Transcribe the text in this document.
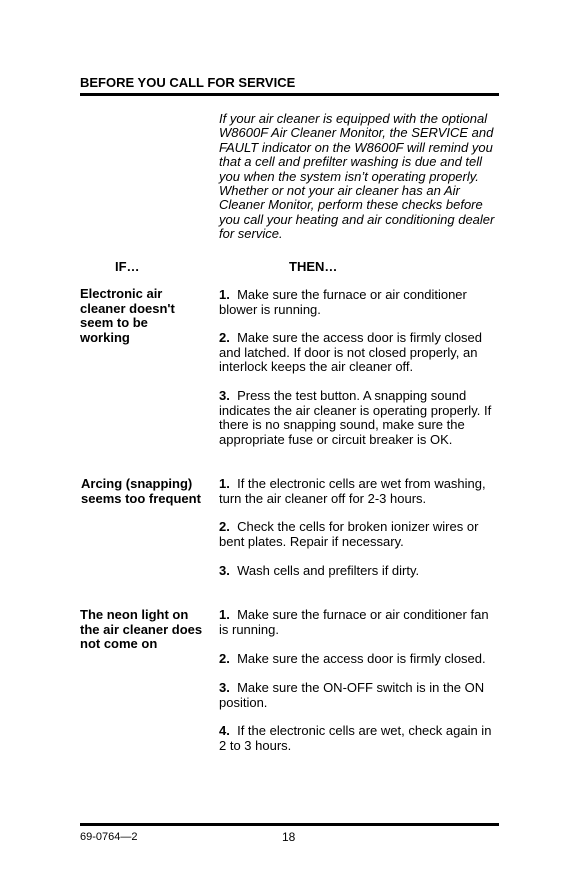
BEFORE YOU CALL FOR SERVICE
If your air cleaner is equipped with the optional W8600F Air Cleaner Monitor, the SERVICE and FAULT indicator on the W8600F will remind you that a cell and prefilter washing is due and tell you when the system isn’t operating properly. Whether or not your air cleaner has an Air Cleaner Monitor, perform these checks before you call your heating and air conditioning dealer for service.
IF…	THEN…
Electronic air cleaner doesn't seem to be working
1. Make sure the furnace or air conditioner blower is running.
2. Make sure the access door is firmly closed and latched. If door is not closed properly, an interlock keeps the air cleaner off.
3. Press the test button. A snapping sound indicates the air cleaner is operating properly. If there is no snapping sound, make sure the appropriate fuse or circuit breaker is OK.
Arcing (snapping) seems too frequent
1. If the electronic cells are wet from washing, turn the air cleaner off for 2-3 hours.
2. Check the cells for broken ionizer wires or bent plates. Repair if necessary.
3. Wash cells and prefilters if dirty.
The neon light on the air cleaner does not come on
1. Make sure the furnace or air conditioner fan is running.
2. Make sure the access door is firmly closed.
3. Make sure the ON-OFF switch is in the ON position.
4. If the electronic cells are wet, check again in 2 to 3 hours.
69-0764—2	18
